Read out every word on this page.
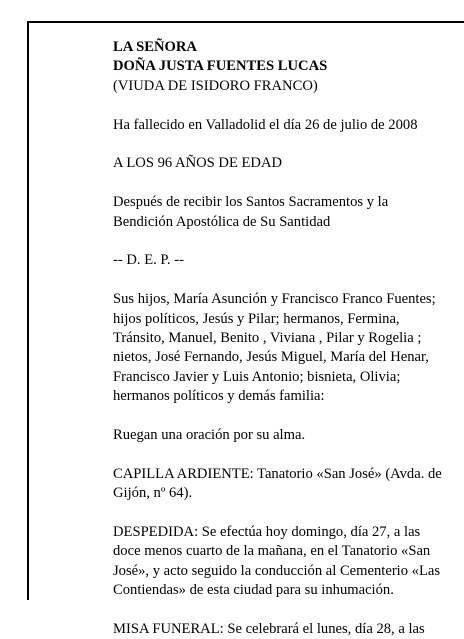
LA SEÑORA
DOÑA JUSTA FUENTES LUCAS
(VIUDA DE ISIDORO FRANCO)
Ha fallecido en Valladolid el día 26 de julio de 2008
A LOS 96 AÑOS DE EDAD
Después de recibir los Santos Sacramentos y la
Bendición Apostólica de Su Santidad
-- D. E. P. --
Sus hijos, María Asunción y Francisco Franco Fuentes;
hijos políticos, Jesús y Pilar; hermanos, Fermina,
Tránsito, Manuel, Benito , Viviana , Pilar y Rogelia ;
nietos, José Fernando, Jesús Miguel, María del Henar,
Francisco Javier y Luis Antonio; bisnieta, Olivia;
hermanos políticos y demás familia:
Ruegan una oración por su alma.
CAPILLA ARDIENTE: Tanatorio «San José» (Avda. de
Gijón, nº 64).
DESPEDIDA: Se efectúa hoy domingo, día 27, a las
doce menos cuarto de la mañana, en el Tanatorio «San
José», y acto seguido la conducción al Cementerio «Las
Contiendas» de esta ciudad para su inhumación.
MISA FUNERAL: Se celebrará el lunes, día 28, a las
